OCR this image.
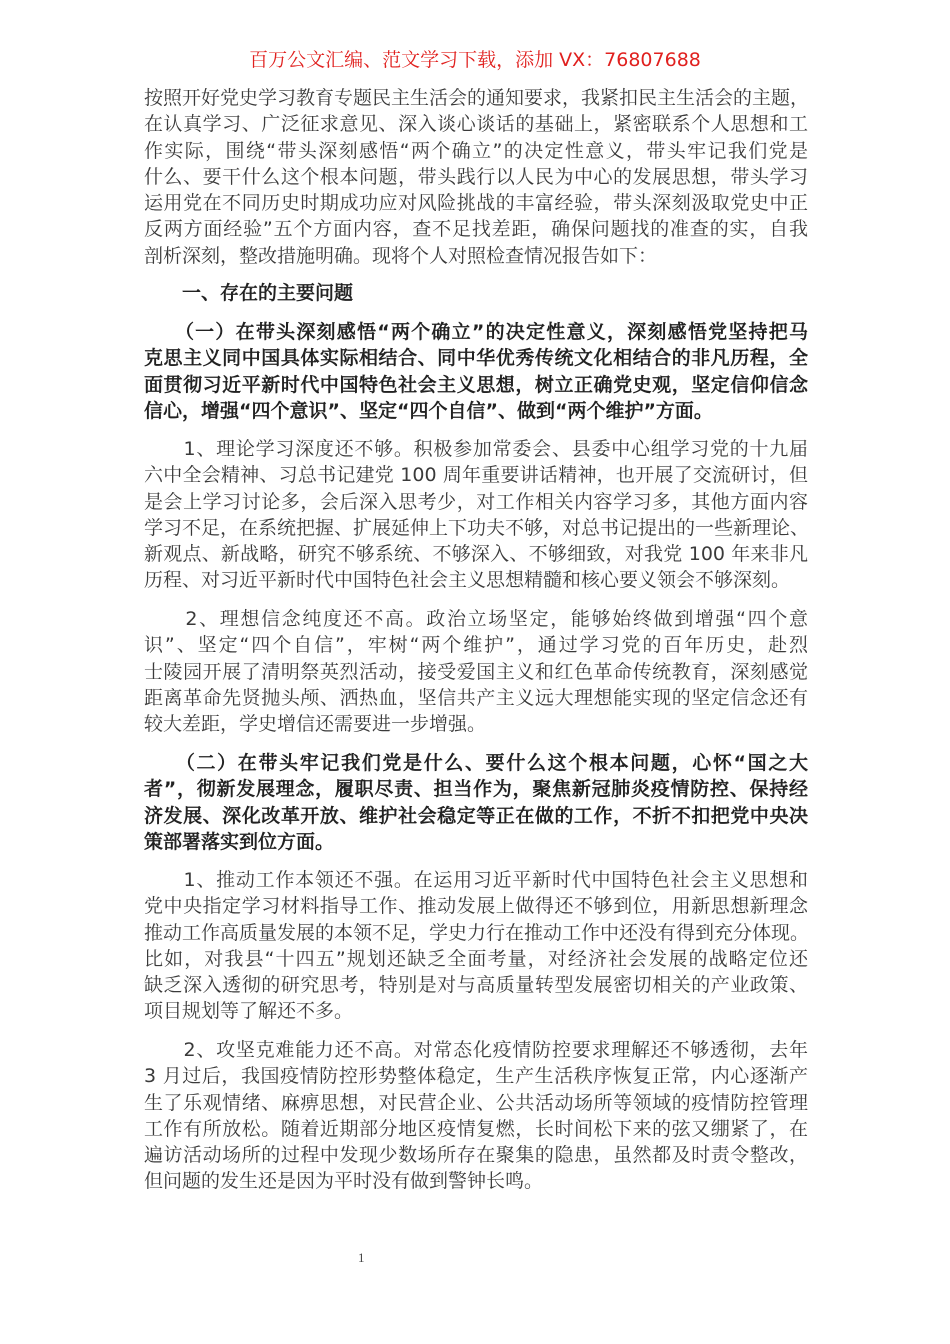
百万公文汇编、范文学习下载，添加 VX：76807688
按照开好党史学习教育专题民主生活会的通知要求，我紧扣民主生活会的主题，
在认真学习、广泛征求意见、深入谈心谈话的基础上，紧密联系个人思想和工
作实际，围绕“带头深刻感悟“两个确立”的决定性意义，带头牢记我们党是
什么、要干什么这个根本问题，带头践行以人民为中心的发展思想，带头学习
运用党在不同历史时期成功应对风险挑战的丰富经验，带头深刻汲取党史中正
反两方面经验”五个方面内容，查不足找差距，确保问题找的准查的实，自我
剖析深刻，整改措施明确。现将个人对照检查情况报告如下：
　　一、存在的主要问题
　　（一）在带头深刻感悟“两个确立”的决定性意义，深刻感悟党坚持把马
克思主义同中国具体实际相结合、同中华优秀传统文化相结合的非凡历程，全
面贯彻习近平新时代中国特色社会主义思想，树立正确党史观，坚定信仰信念
信心，增强“四个意识”、坚定“四个自信”、做到“两个维护”方面。
　　1、理论学习深度还不够。积极参加常委会、县委中心组学习党的十九届
六中全会精神、习总书记建党 100 周年重要讲话精神，也开展了交流研讨，但
是会上学习讨论多，会后深入思考少，对工作相关内容学习多，其他方面内容
学习不足，在系统把握、扩展延伸上下功夫不够，对总书记提出的一些新理论、
新观点、新战略，研究不够系统、不够深入、不够细致，对我党 100 年来非凡
历程、对习近平新时代中国特色社会主义思想精髓和核心要义领会不够深刻。
　　2、理想信念纯度还不高。政治立场坚定，能够始终做到增强“四个意
识”、坚定“四个自信”，牢树“两个维护”，通过学习党的百年历史，赴烈
士陵园开展了清明祭英烈活动，接受爱国主义和红色革命传统教育，深刻感觉
距离革命先贤抛头颅、洒热血，坚信共产主义远大理想能实现的坚定信念还有
较大差距，学史增信还需要进一步增强。
　　（二）在带头牢记我们党是什么、要什么这个根本问题，心怀“国之大
者”，彻新发展理念，履职尽责、担当作为，聚焦新冠肺炎疫情防控、保持经
济发展、深化改革开放、维护社会稳定等正在做的工作，不折不扣把党中央决
策部署落实到位方面。
　　1、推动工作本领还不强。在运用习近平新时代中国特色社会主义思想和
党中央指定学习材料指导工作、推动发展上做得还不够到位，用新思想新理念
推动工作高质量发展的本领不足，学史力行在推动工作中还没有得到充分体现。
比如，对我县“十四五”规划还缺乏全面考量，对经济社会发展的战略定位还
缺乏深入透彻的研究思考，特别是对与高质量转型发展密切相关的产业政策、
项目规划等了解还不多。
　　2、攻坚克难能力还不高。对常态化疫情防控要求理解还不够透彻，去年
3 月过后，我国疫情防控形势整体稳定，生产生活秩序恢复正常，内心逐渐产
生了乐观情绪、麻痹思想，对民营企业、公共活动场所等领域的疫情防控管理
工作有所放松。随着近期部分地区疫情复燃，长时间松下来的弦又绷紧了，在
遍访活动场所的过程中发现少数场所存在聚集的隐患，虽然都及时责令整改，
但问题的发生还是因为平时没有做到警钟长鸣。
1
